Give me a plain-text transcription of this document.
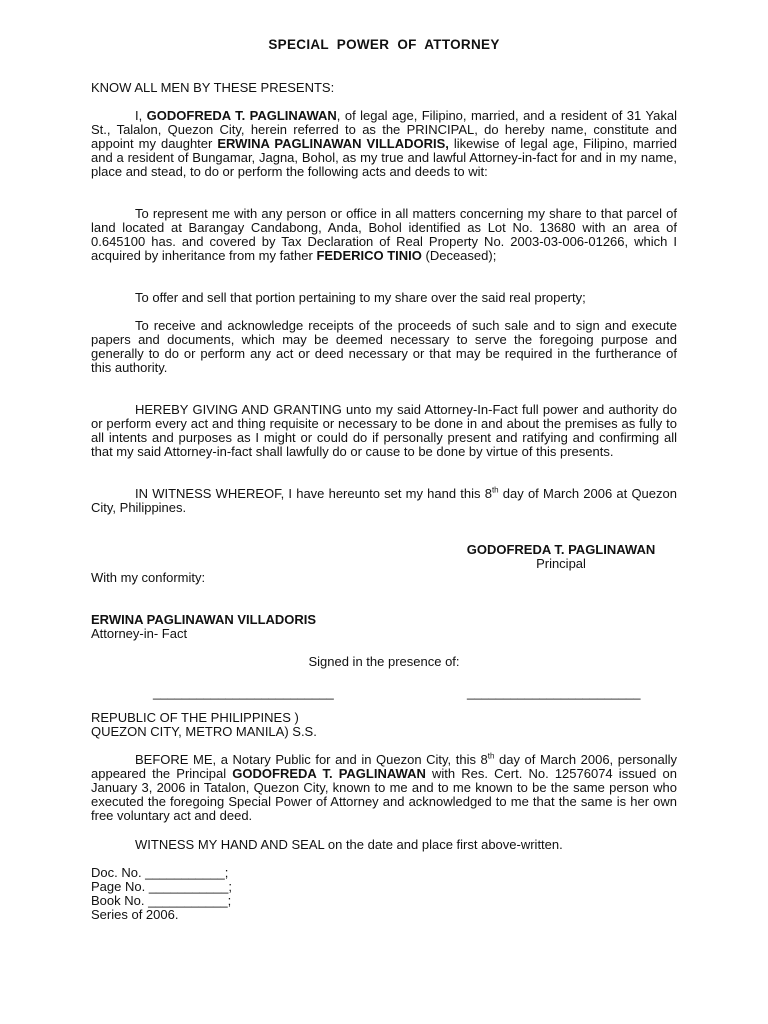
SPECIAL POWER OF ATTORNEY

KNOW ALL MEN BY THESE PRESENTS:

I, GODOFREDA T. PAGLINAWAN, of legal age, Filipino, married, and a resident of 31 Yakal St., Talalon, Quezon City, herein referred to as the PRINCIPAL, do hereby name, constitute and appoint my daughter ERWINA PAGLINAWAN VILLADORIS, likewise of legal age, Filipino, married and a resident of Bungamar, Jagna, Bohol, as my true and lawful Attorney-in-fact for and in my name, place and stead, to do or perform the following acts and deeds to wit:

To represent me with any person or office in all matters concerning my share to that parcel of land located at Barangay Candabong, Anda, Bohol identified as Lot No. 13680 with an area of 0.645100 has. and covered by Tax Declaration of Real Property No. 2003-03-006-01266, which I acquired by inheritance from my father FEDERICO TINIO (Deceased);

To offer and sell that portion pertaining to my share over the said real property;

To receive and acknowledge receipts of the proceeds of such sale and to sign and execute papers and documents, which may be deemed necessary to serve the foregoing purpose and generally to do or perform any act or deed necessary or that may be required in the furtherance of this authority.

HEREBY GIVING AND GRANTING unto my said Attorney-In-Fact full power and authority do or perform every act and thing requisite or necessary to be done in and about the premises as fully to all intents and purposes as I might or could do if personally present and ratifying and confirming all that my said Attorney-in-fact shall lawfully do or cause to be done by virtue of this presents.

IN WITNESS WHEREOF, I have hereunto set my hand this 8th day of March 2006 at Quezon City, Philippines.

GODOFREDA T. PAGLINAWAN
Principal

With my conformity:

ERWINA PAGLINAWAN VILLADORIS
Attorney-in- Fact
Signed in the presence of:
_________________________	________________________
REPUBLIC OF THE PHILIPPINES )
QUEZON CITY, METRO MANILA) S.S.

BEFORE ME, a Notary Public for and in Quezon City, this 8th day of March 2006, personally appeared the Principal GODOFREDA T. PAGLINAWAN with Res. Cert. No. 12576074 issued on January 3, 2006 in Tatalon, Quezon City, known to me and to me known to be the same person who executed the foregoing Special Power of Attorney and acknowledged to me that the same is her own free voluntary act and deed.

WITNESS MY HAND AND SEAL on the date and place first above-written.

Doc. No. ___________;
Page No. ___________;
Book No. ___________;
Series of 2006.
